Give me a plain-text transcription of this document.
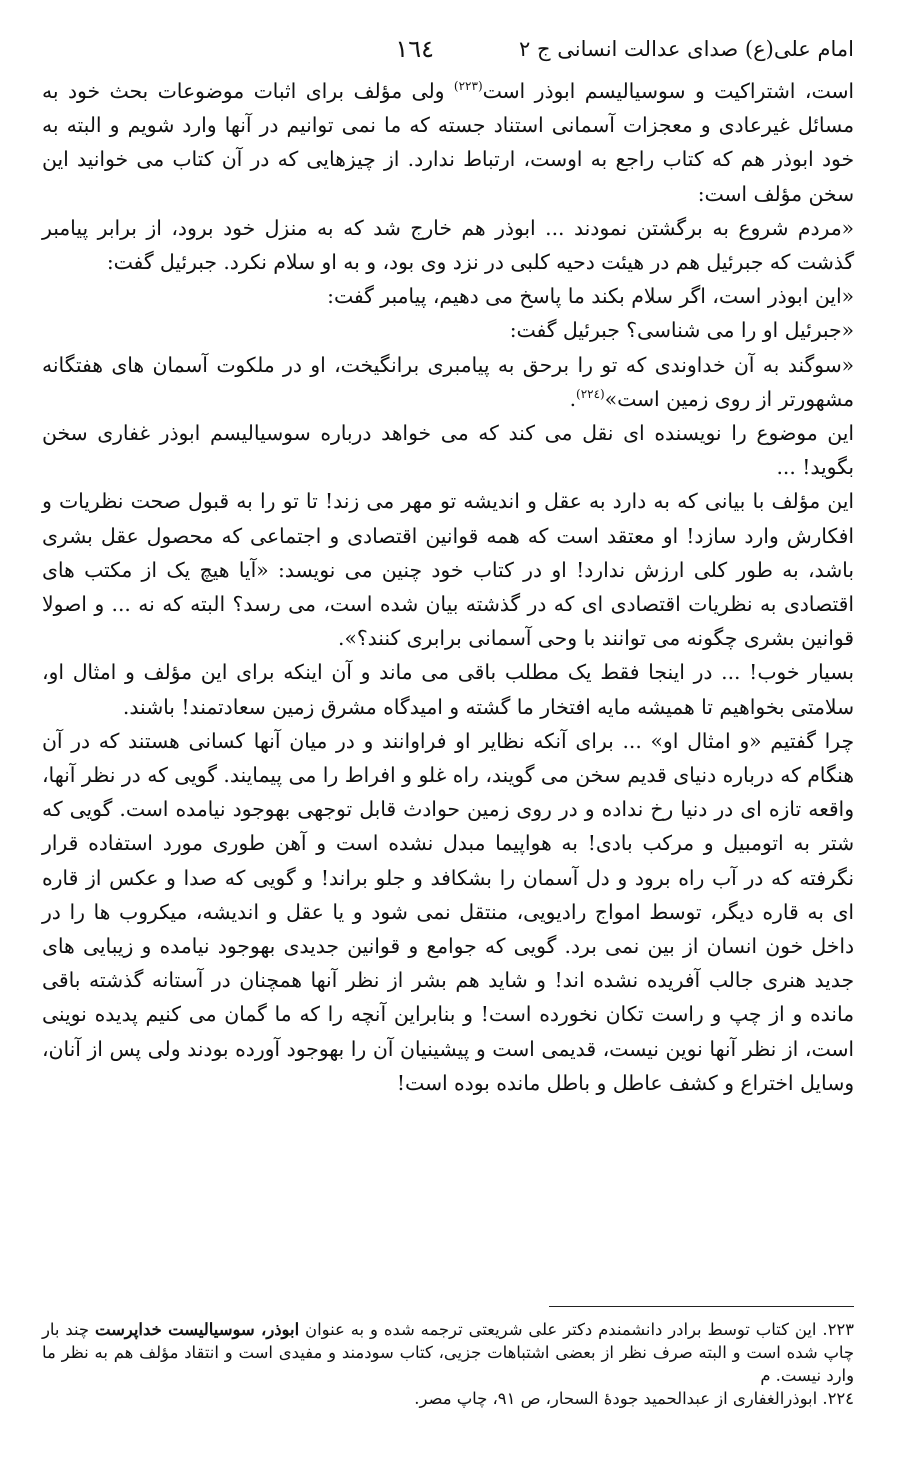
امام علی(ع) صدای عدالت انسانی ج ۲
۱٦٤

است، اشتراکیت و سوسیالیسم ابوذر است$^{(۲۲۳)}$ ولی مؤلف برای اثبات موضوعات بحث خود به مسائل غیرعادی و معجزات آسمانی استناد جسته که ما نمی توانیم در آنها وارد شویم و البته به خود ابوذر هم که کتاب راجع به اوست، ارتباط ندارد. از چیزهایی که در آن کتاب می خوانید این سخن مؤلف است:

«مردم شروع به برگشتن نمودند ... ابوذر هم خارج شد که به منزل خود برود، از برابر پیامبر گذشت که جبرئیل هم در هیئت دحیه کلبی در نزد وی بود، و به او سلام نکرد. جبرئیل گفت:

«این ابوذر است، اگر سلام بکند ما پاسخ می دهیم، پیامبر گفت:

«جبرئیل او را می شناسی؟ جبرئیل گفت:

«سوگند به آن خداوندی که تو را برحق به پیامبری برانگیخت، او در ملکوت آسمان های هفتگانه مشهورتر از روی زمین است»$^{(۲۲٤)}$.

این موضوع را نویسنده ای نقل می کند که می خواهد درباره سوسیالیسم ابوذر غفاری سخن بگوید! ...

این مؤلف با بیانی که به دارد به عقل و اندیشه تو مهر می زند! تا تو را به قبول صحت نظریات و افکارش وارد سازد! او معتقد است که همه قوانین اقتصادی و اجتماعی که محصول عقل بشری باشد، به طور کلی ارزش ندارد! او در کتاب خود چنین می نویسد: «آیا هیچ یک از مکتب های اقتصادی به نظریات اقتصادی ای که در گذشته بیان شده است، می رسد؟ البته که نه ... و اصولا قوانین بشری چگونه می توانند با وحی آسمانی برابری کنند؟».

بسیار خوب! ... در اینجا فقط یک مطلب باقی می ماند و آن اینکه برای این مؤلف و امثال او، سلامتی بخواهیم تا همیشه مایه افتخار ما گشته و امیدگاه مشرق زمین سعادتمند! باشند.

چرا گفتیم «و امثال او» ... برای آنکه نظایر او فراوانند و در میان آنها کسانی هستند که در آن هنگام که درباره دنیای قدیم سخن می گویند، راه غلو و افراط را می پیمایند. گویی که در نظر آنها، واقعه تازه ای در دنیا رخ نداده و در روی زمین حوادث قابل توجهی بهوجود نیامده است. گویی که شتر به اتومبیل و مرکب بادی! به هواپیما مبدل نشده است و آهن طوری مورد استفاده قرار نگرفته که در آب راه برود و دل آسمان را بشکافد و جلو براند! و گویی که صدا و عکس از قاره ای به قاره دیگر، توسط امواج رادیویی، منتقل نمی شود و یا عقل و اندیشه، میکروب ها را در داخل خون انسان از بین نمی برد. گویی که جوامع و قوانین جدیدی بهوجود نیامده و زیبایی های جدید هنری جالب آفریده نشده اند! و شاید هم بشر از نظر آنها همچنان در آستانه گذشته باقی مانده و از چپ و راست تکان نخورده است! و بنابراین آنچه را که ما گمان می کنیم پدیده نوینی است، از نظر آنها نوین نیست، قدیمی است و پیشینیان آن را بهوجود آورده بودند ولی پس از آنان، وسایل اختراع و کشف عاطل و باطل مانده بوده است!

۲۲۳. این کتاب توسط برادر دانشمندم دکتر علی شریعتی ترجمه شده و به عنوان ابوذر، سوسیالیست خداپرست چند بار چاپ شده است و البته صرف نظر از بعضی اشتباهات جزیی، کتاب سودمند و مفیدی است و انتقاد مؤلف هم به نظر ما وارد نیست. م

۲۲٤. ابوذرالغفاری از عبدالحمید جودهٔ السحار، ص ۹۱، چاپ مصر.
